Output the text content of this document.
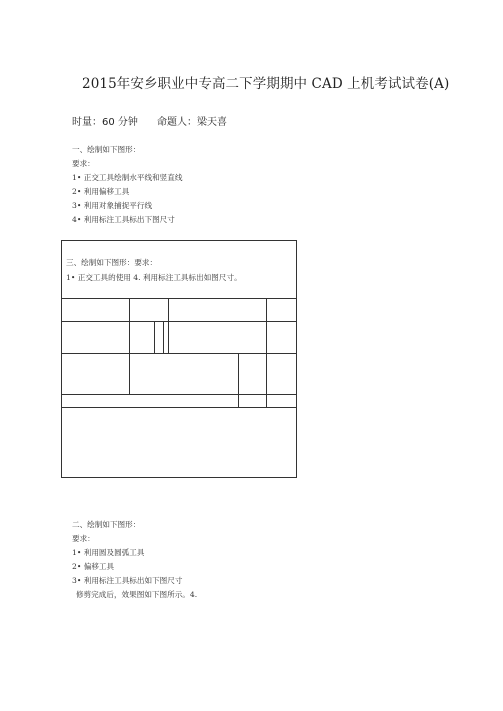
2015年安乡职业中专高二下学期期中 CAD 上机考试试卷(A)
时量：60 分钟 命题人：梁天喜
一、绘制如下图形：
要求：
1• 正交工具绘制水平线和竖直线
2• 利用偏移工具
3• 利用对象捕捉平行线
4• 利用标注工具标出下图尺寸
三、绘制如下图形：要求：
1• 正交工具的使用 4. 利用标注工具标出如图尺寸。
二、绘制如下图形：
要求：
1• 利用圆及圆弧工具
2• 偏移工具
3• 利用标注工具标出如下图尺寸
修剪完成后，效果图如下图所示。4.
